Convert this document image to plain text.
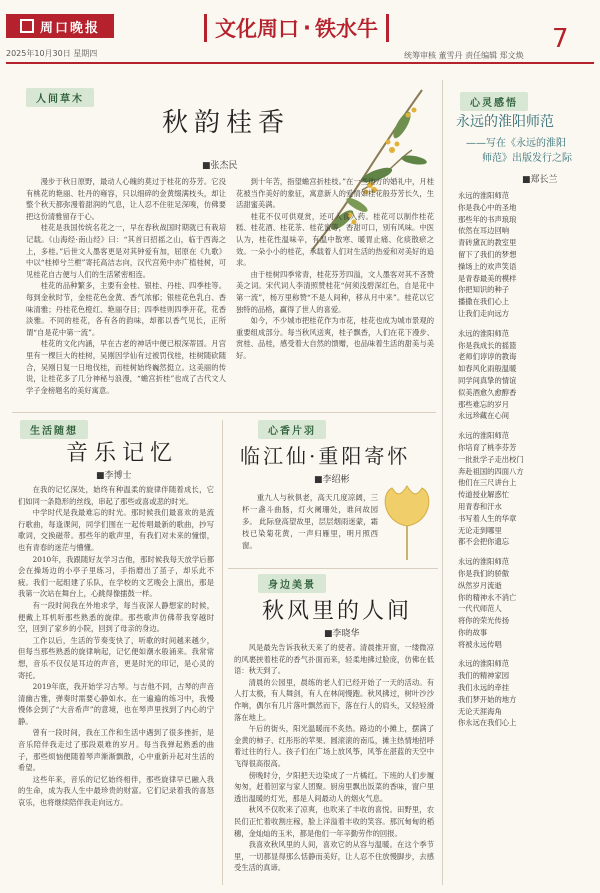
周口晚报
2025年10月30日 星期四
文化周口 · 铁水牛
统筹审核 董雪丹 责任编辑 郑文焕
7
人间草木
秋韵桂香
■张杰民

漫步于秋日原野，最动人心魄的莫过于桂花的芬芳。它没有桃花的艳丽、牡丹的雍容，只以细碎的金黄缀满枝头，却让整个秋天都弥漫着甜润的气息，让人忍不住驻足深嗅，仿佛要把这份清雅留存于心。

桂花是我国传统名花之一，早在春秋战国时期就已有栽培记载。《山海经·南山经》曰：“其首曰招摇之山，临于西海之上，多桂。”后世文人墨客更是对其钟爱有加，屈原在《九歌》中以“桂棹兮兰枻”寄托高洁志向，汉代宫苑中亦广植桂树，可见桂花自古便与人们的生活紧密相连。

桂花的品种繁多，主要有金桂、银桂、丹桂、四季桂等。每到金秋时节，金桂花色金黄、香气浓郁；银桂花色乳白、香味清雅；丹桂花色橙红、艳丽夺目；四季桂则四季开花，花香淡雅。不同的桂花，各有各的韵味，却都以香气见长，正所谓“自是花中第一流”。

桂花的文化内涵，早在古老的神话中便已根深蒂固。月宫里有一棵巨大的桂树，吴刚因学仙有过被罚伐桂，桂树随砍随合，吴刚日复一日地伐桂，而桂树始终巍然挺立。这美丽的传说，让桂花多了几分神秘与浪漫，“蟾宫折桂”也成了古代文人学子金榜题名的美好寓意。

到十年苦，指望蟾宫折桂枝。”在一些地方的婚礼中，月桂花被当作美好的象征，寓意新人的爱情如桂花般芬芳长久，生活甜蜜美满。

桂花不仅可供观赏，还可入食入药。桂花可以制作桂花糕、桂花酒、桂花茶、桂花蜜等，香甜可口，别有风味。中医认为，桂花性温味辛，有温中散寒、暖胃止痛、化痰散瘀之效。一朵小小的桂花，承载着人们对生活的热爱和对美好的追求。

由于桂树四季常青，桂花芬芳四溢，文人墨客对其不吝赞美之词。宋代词人李清照赞桂花“何须浅碧深红色，自是花中第一流”，杨万里称赞“不是人间种，移从月中来”。桂花以它独特的品格，赢得了世人的喜爱。

如今，不少城市把桂花作为市花，桂花也成为城市景观的重要组成部分。每当秋风送爽，桂子飘香，人们在花下漫步、赏桂、品桂，感受着大自然的馈赠，也品味着生活的甜美与美好。

生活随想
音乐记忆
■李博士

在我的记忆深处，始终有种温柔的旋律伴随着成长，它们如同一条隐形的丝线，串起了那些或喜或悲的时光。

中学时代是我最难忘的时光。那时候我们最喜欢的是流行歌曲，每逢课间，同学们围在一起传唱最新的歌曲，抄写歌词，交换磁带。那些年的歌声里，有我们对未来的憧憬，也有青春的迷茫与懵懂。

2010年，我跟随好友学习吉他，那时候我每天放学后都会在操场边的小亭子里练习，手指磨出了茧子，却乐此不疲。我们一起组建了乐队，在学校的文艺晚会上演出，那是我第一次站在舞台上，心跳得像擂鼓一样。

有一段时间我在外地求学，每当夜深人静想家的时候，便戴上耳机听那些熟悉的旋律。那些歌声仿佛带我穿越时空，回到了家乡的小院，回到了母亲的身边。

工作以后，生活的节奏变快了，听歌的时间越来越少，但每当那些熟悉的旋律响起，记忆便如潮水般涌来。我常常想，音乐不仅仅是耳边的声音，更是时光的印记，是心灵的寄托。

2019年底，我开始学习古琴。与吉他不同，古琴的声音清幽古雅，弹奏时需要心静如水。在一遍遍的练习中，我慢慢体会到了“大音希声”的意境，也在琴声里找到了内心的宁静。

曾有一段时间，我在工作和生活中遇到了很多挫折，是音乐陪伴我走过了那段艰难的岁月。每当我弹起熟悉的曲子，那些烦恼便随着琴声渐渐飘散，心中重新升起对生活的希望。

这些年来，音乐的记忆始终相伴，那些旋律早已融入我的生命，成为我人生中最珍贵的财富。它们记录着我的喜怒哀乐，也将继续陪伴我走向远方。

心香片羽
临江仙·重阳寄怀
■李绍彬

重九人与秋俱老，高天几度凉阔，三杯一盏斗曲肠，灯火阑珊处，谁问故园多。 此际登高望故里，层层烟雨迷蒙，霜枝已染菊花黄，一声归雁里，明月照西窗。

身边美景
秋风里的人间
■李晓华

风是最先告诉我秋天来了的使者。清晨推开窗，一缕微凉的风裹挟着桂花的香气扑面而来，轻柔地拂过脸庞，仿佛在低语：秋天到了。

清晨的公园里，晨练的老人们已经开始了一天的活动。有人打太极，有人舞剑，有人在林间慢跑。秋风拂过，树叶沙沙作响，偶尔有几片落叶飘然而下，落在行人的肩头，又轻轻滑落在地上。

午后的街头，阳光温暖而不炙热。路边的小摊上，摆满了金黄的柿子、红彤彤的苹果、圆滚滚的南瓜，摊主热情地招呼着过往的行人。孩子们在广场上放风筝，风筝在湛蓝的天空中飞得很高很高。

傍晚时分，夕阳把天边染成了一片橘红。下班的人们步履匆匆，赶着回家与家人团聚。厨房里飘出饭菜的香味，窗户里透出温暖的灯光，那是人间最动人的烟火气息。

秋风不仅吹来了凉爽，也吹来了丰收的喜悦。田野里，农民们正忙着收割庄稼，脸上洋溢着丰收的笑容。那沉甸甸的稻穗，金灿灿的玉米，都是他们一年辛勤劳作的回报。

我喜欢秋风里的人间，喜欢它的从容与温暖。在这个季节里，一切都显得那么恬静而美好，让人忍不住放慢脚步，去感受生活的真谛。

心灵感悟
永远的淮阳师范
——写在《永远的淮阳
师范》出版发行之际
■郑长兰
永远的淮阳师范
你是我心中的圣地
那些年的书声琅琅
依然在耳边回响
青砖黛瓦的教室里
留下了我们的梦想
操场上的欢声笑语
是青春最美的模样
你把知识的种子
播撒在我们心上
让我们走向远方
永远的淮阳师范
你是我成长的摇篮
老师们谆谆的教诲
如春风化雨般温暖
同学间真挚的情谊
似美酒愈久愈醇香
那些难忘的岁月
永远珍藏在心间
永远的淮阳师范
你培育了桃李芬芳
一批批学子走出校门
奔赴祖国的四面八方
他们在三尺讲台上
传道授业解惑忙
用青春和汗水
书写着人生的华章
无论走到哪里
都不会把你遗忘
永远的淮阳师范
你是我们的骄傲
纵然岁月流逝
你的精神永不消亡
一代代师范人
将你的荣光传扬
你的故事
将被永远传唱
永远的淮阳师范
我们的精神家园
我们永远的牵挂
我们梦开始的地方
无论天涯海角
你永远在我们心上
